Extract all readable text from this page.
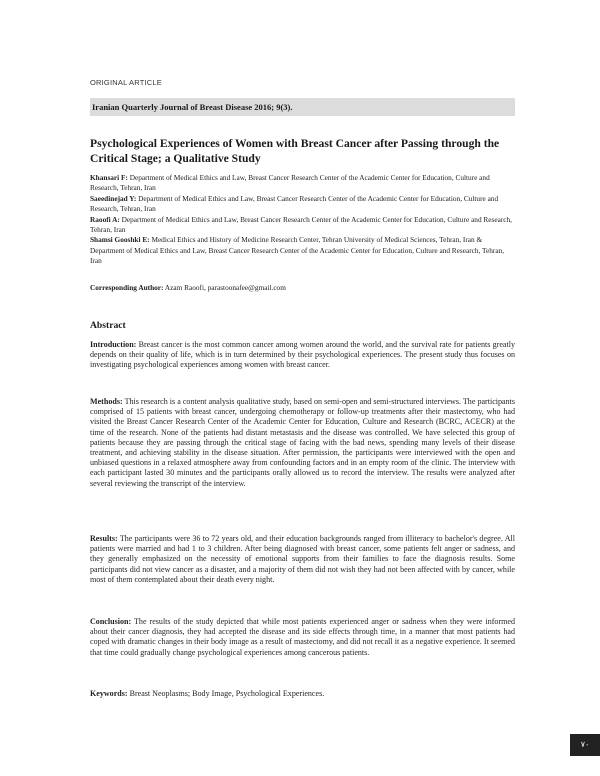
ORIGINAL ARTICLE
Iranian Quarterly Journal of Breast Disease 2016; 9(3).
Psychological Experiences of Women with Breast Cancer after Passing through the Critical Stage; a Qualitative Study
Khansari F: Department of Medical Ethics and Law, Breast Cancer Research Center of the Academic Center for Education, Culture and Research, Tehran, Iran
Saeedinejad Y: Department of Medical Ethics and Law, Breast Cancer Research Center of the Academic Center for Education, Culture and Research, Tehran, Iran
Raoofi A: Department of Medical Ethics and Law, Breast Cancer Research Center of the Academic Center for Education, Culture and Research, Tehran, Iran
Shamsi Gooshki E: Medical Ethics and History of Medicine Research Center, Tehran University of Medical Sciences, Tehran, Iran & Department of Medical Ethics and Law, Breast Cancer Research Center of the Academic Center for Education, Culture and Research, Tehran, Iran
Corresponding Author: Azam Raoofi, parastoonafee@gmail.com
Abstract
Introduction: Breast cancer is the most common cancer among women around the world, and the survival rate for patients greatly depends on their quality of life, which is in turn determined by their psychological experiences. The present study thus focuses on investigating psychological experiences among women with breast cancer.
Methods: This research is a content analysis qualitative study, based on semi-open and semi-structured interviews. The participants comprised of 15 patients with breast cancer, undergoing chemotherapy or follow-up treatments after their mastectomy, who had visited the Breast Cancer Research Center of the Academic Center for Education, Culture and Research (BCRC, ACECR) at the time of the research. None of the patients had distant metastasis and the disease was controlled. We have selected this group of patients because they are passing through the critical stage of facing with the bad news, spending many levels of their disease treatment, and achieving stability in the disease situation. After permission, the participants were interviewed with the open and unbiased questions in a relaxed atmosphere away from confounding factors and in an empty room of the clinic. The interview with each participant lasted 30 minutes and the participants orally allowed us to record the interview. The results were analyzed after several reviewing the transcript of the interview.
Results: The participants were 36 to 72 years old, and their education backgrounds ranged from illiteracy to bachelor's degree. All patients were married and had 1 to 3 children. After being diagnosed with breast cancer, some patients felt anger or sadness, and they generally emphasized on the necessity of emotional supports from their families to face the diagnosis results. Some participants did not view cancer as a disaster, and a majority of them did not wish they had not been affected with by cancer, while most of them contemplated about their death every night.
Conclusion: The results of the study depicted that while most patients experienced anger or sadness when they were informed about their cancer diagnosis, they had accepted the disease and its side effects through time, in a manner that most patients had coped with dramatic changes in their body image as a result of mastectomy, and did not recall it as a negative experience. It seemed that time could gradually change psychological experiences among cancerous patients.
Keywords: Breast Neoplasms; Body Image, Psychological Experiences.
۷۰
